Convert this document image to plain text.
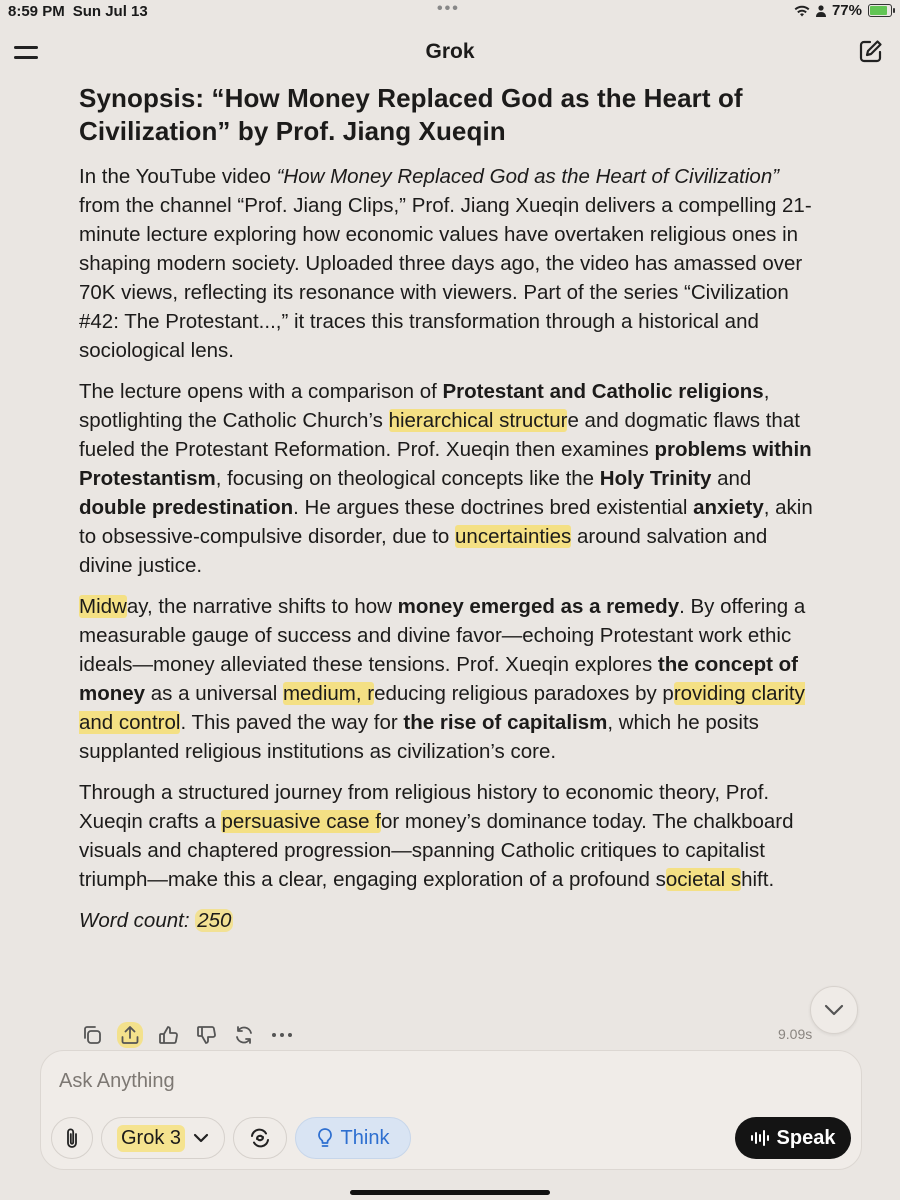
8:59 PM Sun Jul 13	•••	77%
Grok
Synopsis: “How Money Replaced God as the Heart of Civilization” by Prof. Jiang Xueqin

In the YouTube video “How Money Replaced God as the Heart of Civilization” from the channel “Prof. Jiang Clips,” Prof. Jiang Xueqin delivers a compelling 21-minute lecture exploring how economic values have overtaken religious ones in shaping modern society. Uploaded three days ago, the video has amassed over 70K views, reflecting its resonance with viewers. Part of the series “Civilization #42: The Protestant...,” it traces this transformation through a historical and sociological lens.

The lecture opens with a comparison of Protestant and Catholic religions, spotlighting the Catholic Church’s hierarchical structure and dogmatic flaws that fueled the Protestant Reformation. Prof. Xueqin then examines problems within Protestantism, focusing on theological concepts like the Holy Trinity and double predestination. He argues these doctrines bred existential anxiety, akin to obsessive-compulsive disorder, due to uncertainties around salvation and divine justice.

Midway, the narrative shifts to how money emerged as a remedy. By offering a measurable gauge of success and divine favor—echoing Protestant work ethic ideals—money alleviated these tensions. Prof. Xueqin explores the concept of money as a universal medium, reducing religious paradoxes by providing clarity and control. This paved the way for the rise of capitalism, which he posits supplanted religious institutions as civilization’s core.

Through a structured journey from religious history to economic theory, Prof. Xueqin crafts a persuasive case for money’s dominance today. The chalkboard visuals and chaptered progression—spanning Catholic critiques to capitalist triumph—make this a clear, engaging exploration of a profound societal shift.

Word count: 250

9.09s
Ask Anything
Grok 3	Think	Speak
